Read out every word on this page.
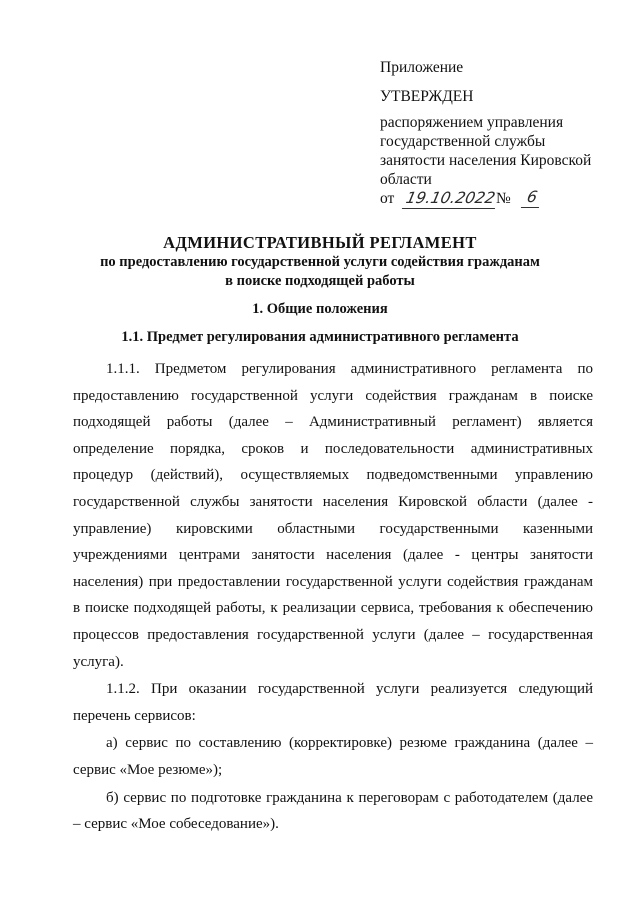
Приложение
УТВЕРЖДЕН
распоряжением управления
государственной службы
занятости населения Кировской
области
от 19.10.2022
№ 6
АДМИНИСТРАТИВНЫЙ РЕГЛАМЕНТ
по предоставлению государственной услуги содействия гражданам
в поиске подходящей работы
1. Общие положения
1.1. Предмет регулирования административного регламента

1.1.1. Предметом регулирования административного регламента по предоставлению государственной услуги содействия гражданам в поиске подходящей работы (далее – Административный регламент) является определение порядка, сроков и последовательности административных процедур (действий), осуществляемых подведомственными управлению государственной службы занятости населения Кировской области (далее - управление) кировскими областными государственными казенными учреждениями центрами занятости населения (далее - центры занятости населения) при предоставлении государственной услуги содействия гражданам в поиске подходящей работы, к реализации сервиса, требования к обеспечению процессов предоставления государственной услуги (далее – государственная услуга).

1.1.2. При оказании государственной услуги реализуется следующий перечень сервисов:

а) сервис по составлению (корректировке) резюме гражданина (далее – сервис «Мое резюме»);

б) сервис по подготовке гражданина к переговорам с работодателем (далее – сервис «Мое собеседование»).
